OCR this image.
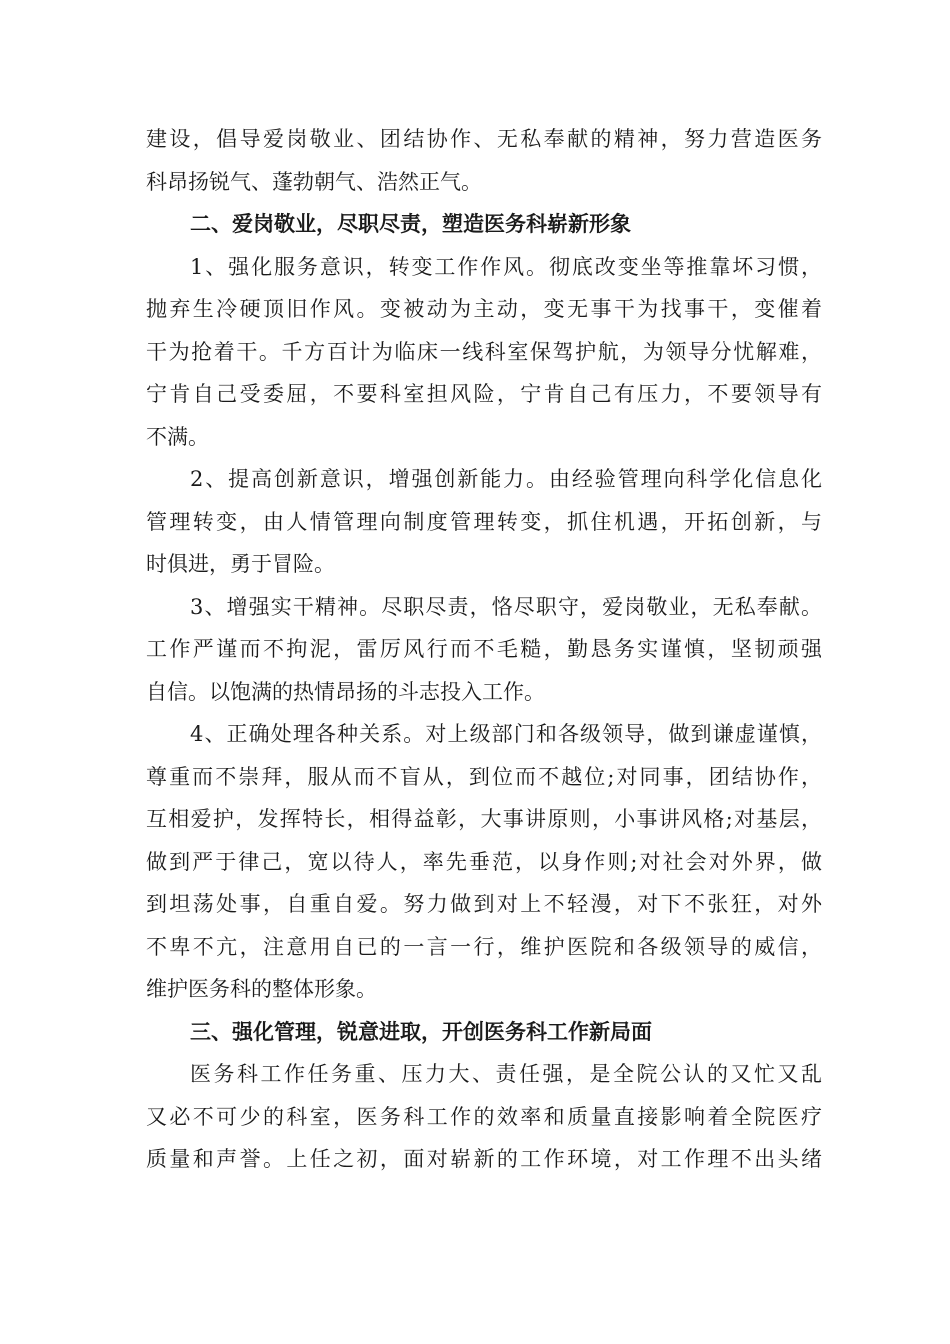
建设，倡导爱岗敬业、团结协作、无私奉献的精神，努力营造医务
科昂扬锐气、蓬勃朝气、浩然正气。
二、爱岗敬业，尽职尽责，塑造医务科崭新形象
1、强化服务意识，转变工作作风。彻底改变坐等推靠坏习惯，
抛弃生冷硬顶旧作风。变被动为主动，变无事干为找事干，变催着
干为抢着干。千方百计为临床一线科室保驾护航，为领导分忧解难，
宁肯自己受委屈，不要科室担风险，宁肯自己有压力，不要领导有
不满。
2、提高创新意识，增强创新能力。由经验管理向科学化信息化
管理转变，由人情管理向制度管理转变，抓住机遇，开拓创新，与
时俱进，勇于冒险。
3、增强实干精神。尽职尽责，恪尽职守，爱岗敬业，无私奉献。
工作严谨而不拘泥，雷厉风行而不毛糙，勤恳务实谨慎，坚韧顽强
自信。以饱满的热情昂扬的斗志投入工作。
4、正确处理各种关系。对上级部门和各级领导，做到谦虚谨慎，
尊重而不崇拜，服从而不盲从，到位而不越位;对同事，团结协作，
互相爱护，发挥特长，相得益彰，大事讲原则，小事讲风格;对基层，
做到严于律己，宽以待人，率先垂范，以身作则;对社会对外界，做
到坦荡处事，自重自爱。努力做到对上不轻漫，对下不张狂，对外
不卑不亢，注意用自已的一言一行，维护医院和各级领导的威信，
维护医务科的整体形象。
三、强化管理，锐意进取，开创医务科工作新局面
医务科工作任务重、压力大、责任强，是全院公认的又忙又乱
又必不可少的科室，医务科工作的效率和质量直接影响着全院医疗
质量和声誉。上任之初，面对崭新的工作环境，对工作理不出头绪
